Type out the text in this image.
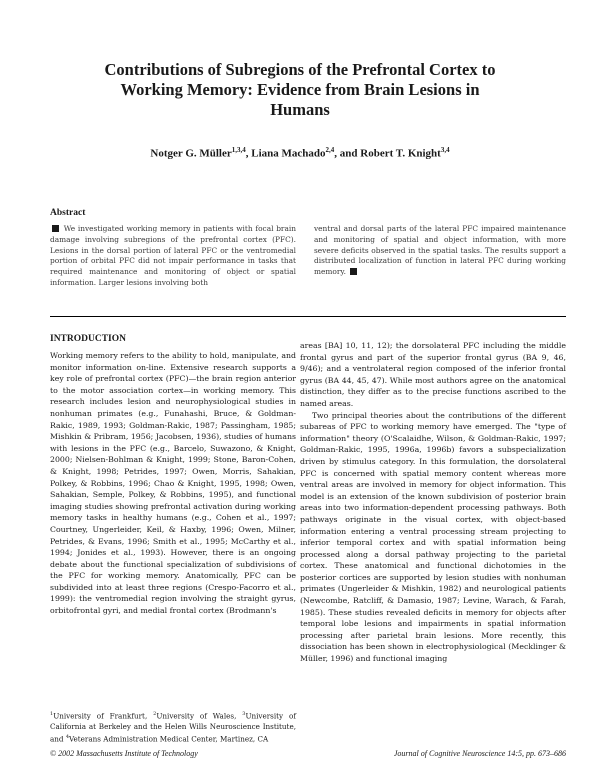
Contributions of Subregions of the Prefrontal Cortex to Working Memory: Evidence from Brain Lesions in Humans
Notger G. Müller$^{1,3,4}$, Liana Machado$^{2,4}$, and Robert T. Knight$^{3,4}$
Abstract
We investigated working memory in patients with focal brain damage involving subregions of the prefrontal cortex (PFC). Lesions in the dorsal portion of lateral PFC or the ventromedial portion of orbital PFC did not impair performance in tasks that required maintenance and monitoring of object or spatial information. Larger lesions involving both
ventral and dorsal parts of the lateral PFC impaired maintenance and monitoring of spatial and object information, with more severe deficits observed in the spatial tasks. The results support a distributed localization of function in lateral PFC during working memory.
INTRODUCTION

Working memory refers to the ability to hold, manipulate, and monitor information on-line. Extensive research supports a key role of prefrontal cortex (PFC)—the brain region anterior to the motor association cortex—in working memory. This research includes lesion and neurophysiological studies in nonhuman primates (e.g., Funahashi, Bruce, & Goldman-Rakic, 1989, 1993; Goldman-Rakic, 1987; Passingham, 1985; Mishkin & Pribram, 1956; Jacobsen, 1936), studies of humans with lesions in the PFC (e.g., Barcelo, Suwazono, & Knight, 2000; Nielsen-Bohlman & Knight, 1999; Stone, Baron-Cohen, & Knight, 1998; Petrides, 1997; Owen, Morris, Sahakian, Polkey, & Robbins, 1996; Chao & Knight, 1995, 1998; Owen, Sahakian, Semple, Polkey, & Robbins, 1995), and functional imaging studies showing prefrontal activation during working memory tasks in healthy humans (e.g., Cohen et al., 1997; Courtney, Ungerleider, Keil, & Haxby, 1996; Owen, Milner, Petrides, & Evans, 1996; Smith et al., 1995; McCarthy et al., 1994; Jonides et al., 1993). However, there is an ongoing debate about the functional specialization of subdivisions of the PFC for working memory. Anatomically, PFC can be subdivided into at least three regions (Crespo-Facorro et al., 1999): the ventromedial region involving the straight gyrus, orbitofrontal gyri, and medial frontal cortex (Brodmann's

areas [BA] 10, 11, 12); the dorsolateral PFC including the middle frontal gyrus and part of the superior frontal gyrus (BA 9, 46, 9/46); and a ventrolateral region composed of the inferior frontal gyrus (BA 44, 45, 47). While most authors agree on the anatomical distinction, they differ as to the precise functions ascribed to the named areas.

Two principal theories about the contributions of the different subareas of PFC to working memory have emerged. The "type of information" theory (O'Scalaidhe, Wilson, & Goldman-Rakic, 1997; Goldman-Rakic, 1995, 1996a, 1996b) favors a subspecialization driven by stimulus category. In this formulation, the dorsolateral PFC is concerned with spatial memory content whereas more ventral areas are involved in memory for object information. This model is an extension of the known subdivision of posterior brain areas into two information-dependent processing pathways. Both pathways originate in the visual cortex, with object-based information entering a ventral processing stream projecting to inferior temporal cortex and with spatial information being processed along a dorsal pathway projecting to the parietal cortex. These anatomical and functional dichotomies in the posterior cortices are supported by lesion studies with nonhuman primates (Ungerleider & Mishkin, 1982) and neurological patients (Newcombe, Ratcliff, & Damasio, 1987; Levine, Warach, & Farah, 1985). These studies revealed deficits in memory for objects after temporal lobe lesions and impairments in spatial information processing after parietal brain lesions. More recently, this dissociation has been shown in electrophysiological (Mecklinger & Müller, 1996) and functional imaging

$^1$University of Frankfurt, $^2$University of Wales, $^3$University of California at Berkeley and the Helen Wills Neuroscience Institute, and $^4$Veterans Administration Medical Center, Martinez, CA
© 2002 Massachusetts Institute of Technology	Journal of Cognitive Neuroscience 14:5, pp. 673–686
